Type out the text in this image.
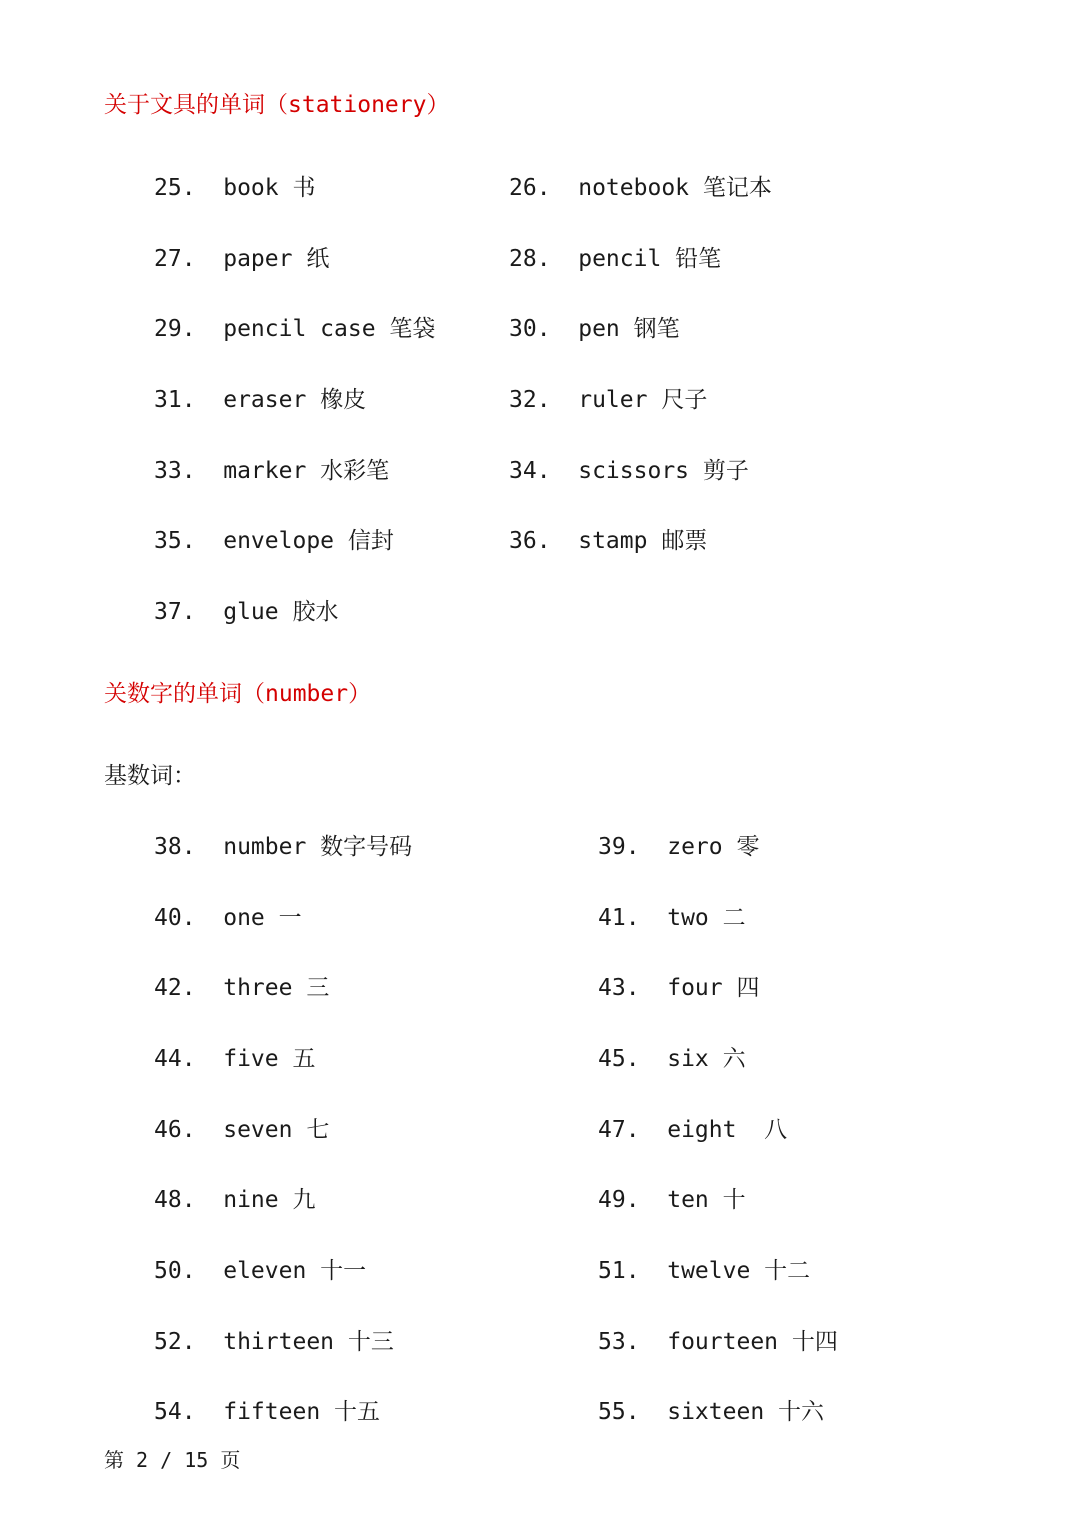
关于文具的单词（stationery）
25.  book 书	26.  notebook 笔记本
27.  paper 纸	28.  pencil 铅笔
29.  pencil case 笔袋	30.  pen 钢笔
31.  eraser 橡皮	32.  ruler 尺子
33.  marker 水彩笔	34.  scissors 剪子
35.  envelope 信封	36.  stamp 邮票
37.  glue 胶水
关数字的单词（number）
基数词：
38.  number 数字号码	39.  zero 零
40.  one 一	41.  two 二
42.  three 三	43.  four 四
44.  five 五	45.  six 六
46.  seven 七	47.  eight  八
48.  nine 九	49.  ten 十
50.  eleven 十一	51.  twelve 十二
52.  thirteen 十三	53.  fourteen 十四
54.  fifteen 十五	55.  sixteen 十六
第 2 / 15 页
